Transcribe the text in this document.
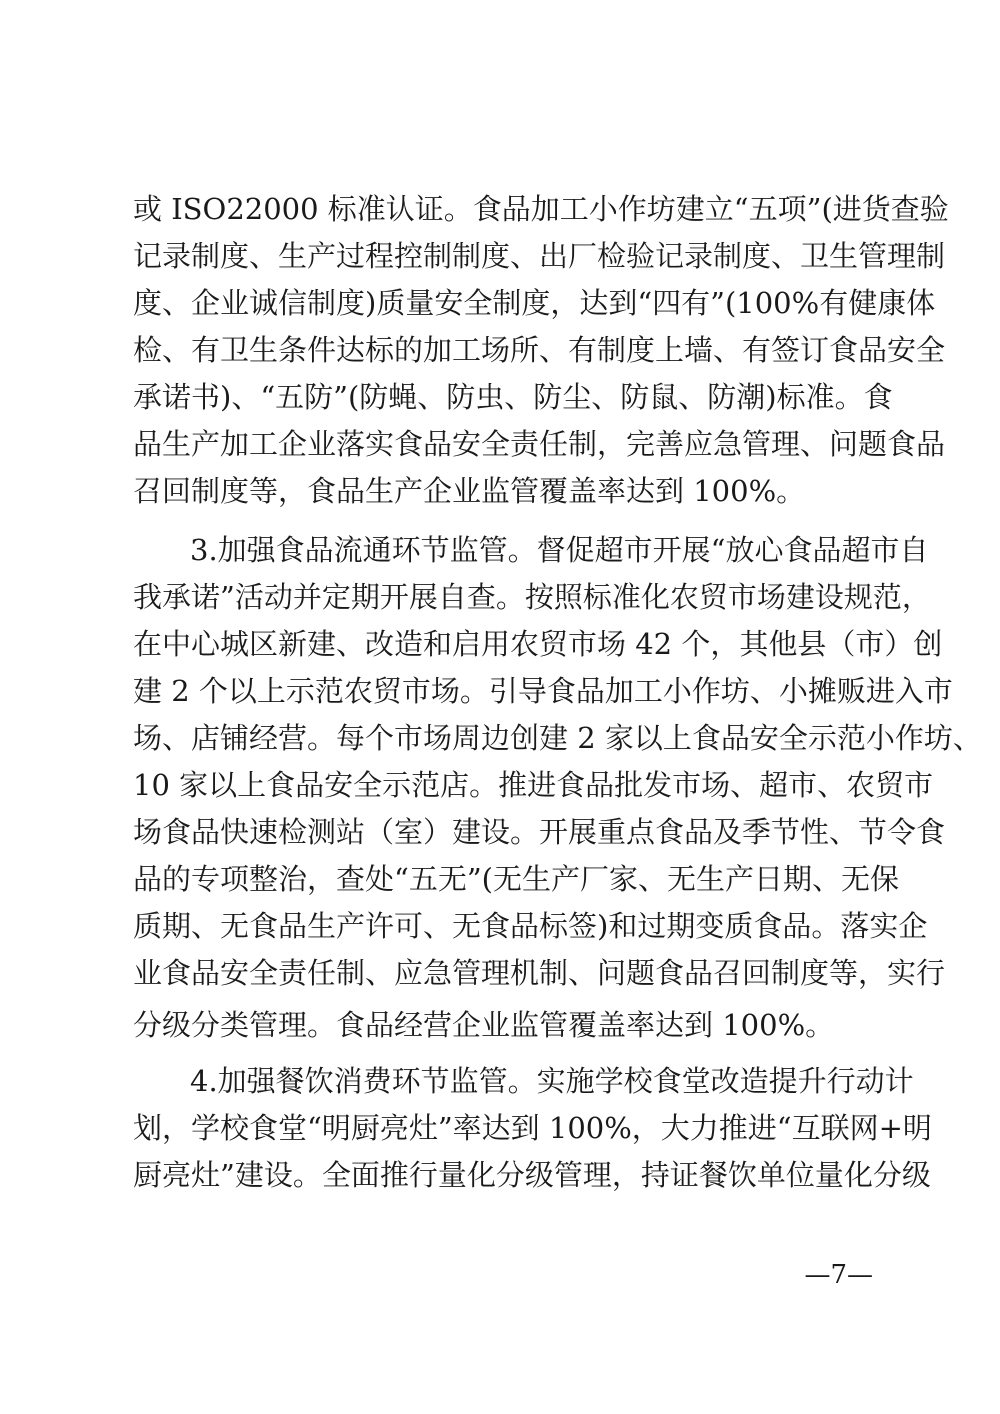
或 ISO22000 标准认证。食品加工小作坊建立“五项”(进货查验
记录制度、生产过程控制制度、出厂检验记录制度、卫生管理制
度、企业诚信制度)质量安全制度，达到“四有”(100%有健康体
检、有卫生条件达标的加工场所、有制度上墙、有签订食品安全
承诺书)、“五防”(防蝇、防虫、防尘、防鼠、防潮)标准。食
品生产加工企业落实食品安全责任制，完善应急管理、问题食品
召回制度等，食品生产企业监管覆盖率达到 100%。
3.加强食品流通环节监管。督促超市开展“放心食品超市自
我承诺”活动并定期开展自查。按照标准化农贸市场建设规范，
在中心城区新建、改造和启用农贸市场 42 个，其他县（市）创
建 2 个以上示范农贸市场。引导食品加工小作坊、小摊贩进入市
场、店铺经营。每个市场周边创建 2 家以上食品安全示范小作坊、
10 家以上食品安全示范店。推进食品批发市场、超市、农贸市
场食品快速检测站（室）建设。开展重点食品及季节性、节令食
品的专项整治，查处“五无”(无生产厂家、无生产日期、无保
质期、无食品生产许可、无食品标签)和过期变质食品。落实企
业食品安全责任制、应急管理机制、问题食品召回制度等，实行
分级分类管理。食品经营企业监管覆盖率达到 100%。
4.加强餐饮消费环节监管。实施学校食堂改造提升行动计
划，学校食堂“明厨亮灶”率达到 100%，大力推进“互联网+明
厨亮灶”建设。全面推行量化分级管理，持证餐饮单位量化分级
—7—
